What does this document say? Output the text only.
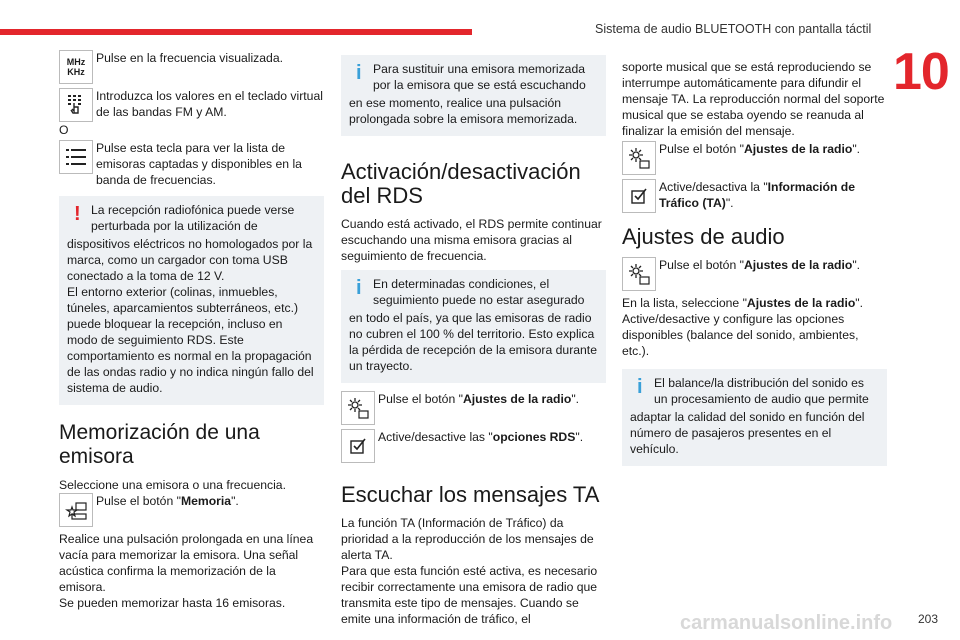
Sistema de audio BLUETOOTH con pantalla táctil
10
MHz
KHz
Pulse en la frecuencia visualizada.
Introduzca los valores en el teclado virtual de las bandas FM y AM.

O

Pulse esta tecla para ver la lista de emisoras captadas y disponibles en la banda de frecuencias.
! La recepción radiofónica puede verse perturbada por la utilización de

dispositivos eléctricos no homologados por la marca, como un cargador con toma USB conectado a la toma de 12 V.
El entorno exterior (colinas, inmuebles, túneles, aparcamientos subterráneos, etc.) puede bloquear la recepción, incluso en modo de seguimiento RDS. Este comportamiento es normal en la propagación de las ondas radio y no indica ningún fallo del sistema de audio.

Memorización de una emisora

Seleccione una emisora o una frecuencia.

Pulse el botón "Memoria".

Realice una pulsación prolongada en una línea vacía para memorizar la emisora. Una señal acústica confirma la memorización de la emisora.
Se pueden memorizar hasta 16 emisoras.

i Para sustituir una emisora memorizada por la emisora que se está escuchando

en ese momento, realice una pulsación prolongada sobre la emisora memorizada.

Activación/desactivación del RDS

Cuando está activado, el RDS permite continuar escuchando una misma emisora gracias al seguimiento de frecuencia.

i En determinadas condiciones, el seguimiento puede no estar asegurado

en todo el país, ya que las emisoras de radio no cubren el 100 % del territorio. Esto explica la pérdida de recepción de la emisora durante un trayecto.

Pulse el botón "Ajustes de la radio".
Active/desactive las "opciones RDS".
Escuchar los mensajes TA

La función TA (Información de Tráfico) da prioridad a la reproducción de los mensajes de alerta TA.
Para que esta función esté activa, es necesario recibir correctamente una emisora de radio que transmita este tipo de mensajes. Cuando se emite una información de tráfico, el

soporte musical que se está reproduciendo se interrumpe automáticamente para difundir el mensaje TA. La reproducción normal del soporte musical que se estaba oyendo se reanuda al finalizar la emisión del mensaje.

Pulse el botón "Ajustes de la radio".
Active/desactiva la "Información de Tráfico (TA)".
Ajustes de audio
Pulse el botón "Ajustes de la radio".

En la lista, seleccione "Ajustes de la radio".
Active/desactive y configure las opciones disponibles (balance del sonido, ambientes, etc.).

i El balance/la distribución del sonido es un procesamiento de audio que permite

adaptar la calidad del sonido en función del número de pasajeros presentes en el vehículo.

carmanualsonline.info 203
